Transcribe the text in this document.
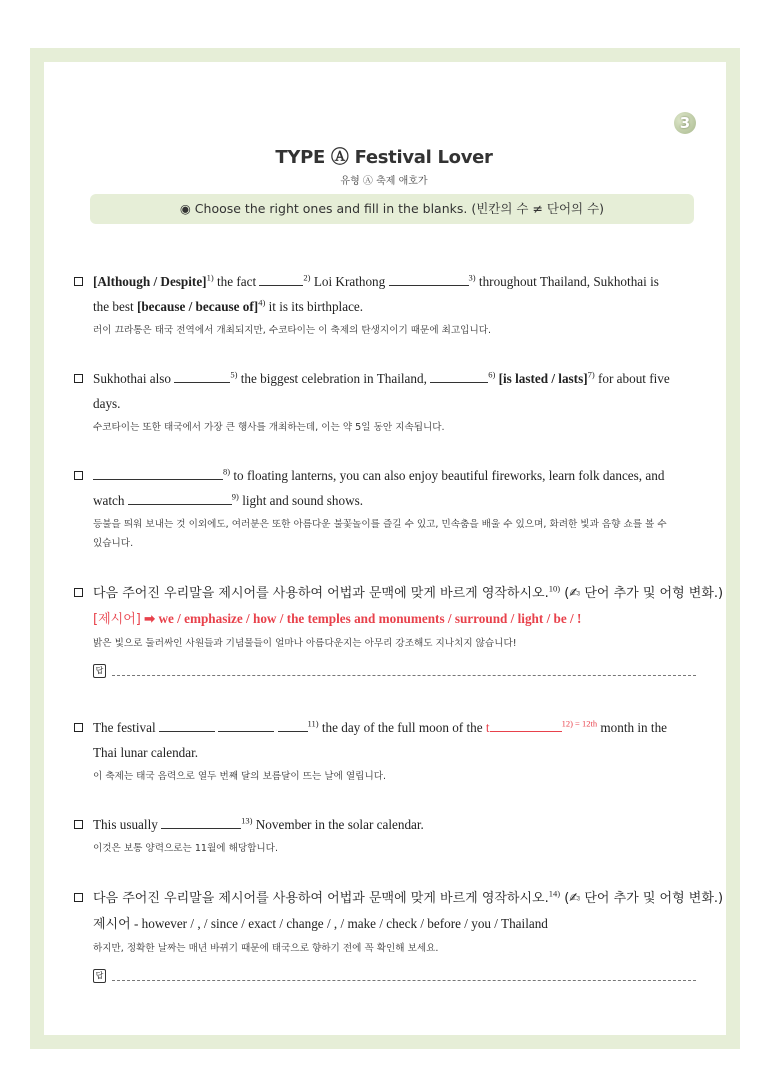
3
TYPE Ⓐ Festival Lover
유형 Ⓐ 축제 애호가
◉ Choose the right ones and fill in the blanks. (빈칸의 수 ≠ 단어의 수)
[Although / Despite]$^{1)}$ the fact	$^{2)}$ Loi Krathong	$^{3)}$ throughout Thailand, Sukhothai is
the best [because / because of]$^{4)}$ it is its birthplace.
러이 끄라통은 태국 전역에서 개최되지만, 수코타이는 이 축제의 탄생지이기 때문에 최고입니다.
Sukhothai also	$^{5)}$ the biggest celebration in Thailand,	$^{6)}$ [is lasted / lasts]$^{7)}$ for about five
days.
수코타이는 또한 태국에서 가장 큰 행사를 개최하는데, 이는 약 5일 동안 지속됩니다.
$^{8)}$ to floating lanterns, you can also enjoy beautiful fireworks, learn folk dances, and
watch	$^{9)}$ light and sound shows.
등불을 띄워 보내는 것 이외에도, 여러분은 또한 아름다운 불꽃놀이를 즐길 수 있고, 민속춤을 배울 수 있으며, 화려한 빛과 음향 쇼를 볼 수
있습니다.
다음 주어진 우리말을 제시어를 사용하여 어법과 문맥에 맞게 바르게 영작하시오.$^{10)}$ (✍ 단어 추가 및 어형 변화.)
[제시어] ➡ we / emphasize / how / the temples and monuments / surround / light / be / !
밝은 빛으로 둘러싸인 사원들과 기념물들이 얼마나 아름다운지는 아무리 강조해도 지나치지 않습니다!
답
The festival	$^{11)}$ the day of the full moon of the t	$^{12)}$ $^{= 12th}$ month in the
Thai lunar calendar.
이 축제는 태국 음력으로 열두 번째 달의 보름달이 뜨는 날에 열립니다.
This usually	$^{13)}$ November in the solar calendar.
이것은 보통 양력으로는 11월에 해당합니다.
다음 주어진 우리말을 제시어를 사용하여 어법과 문맥에 맞게 바르게 영작하시오.$^{14)}$ (✍ 단어 추가 및 어형 변화.)
제시어 - however / , / since / exact / change / , / make / check / before / you / Thailand
하지만, 정확한 날짜는 매년 바뀌기 때문에 태국으로 향하기 전에 꼭 확인해 보세요.
답
